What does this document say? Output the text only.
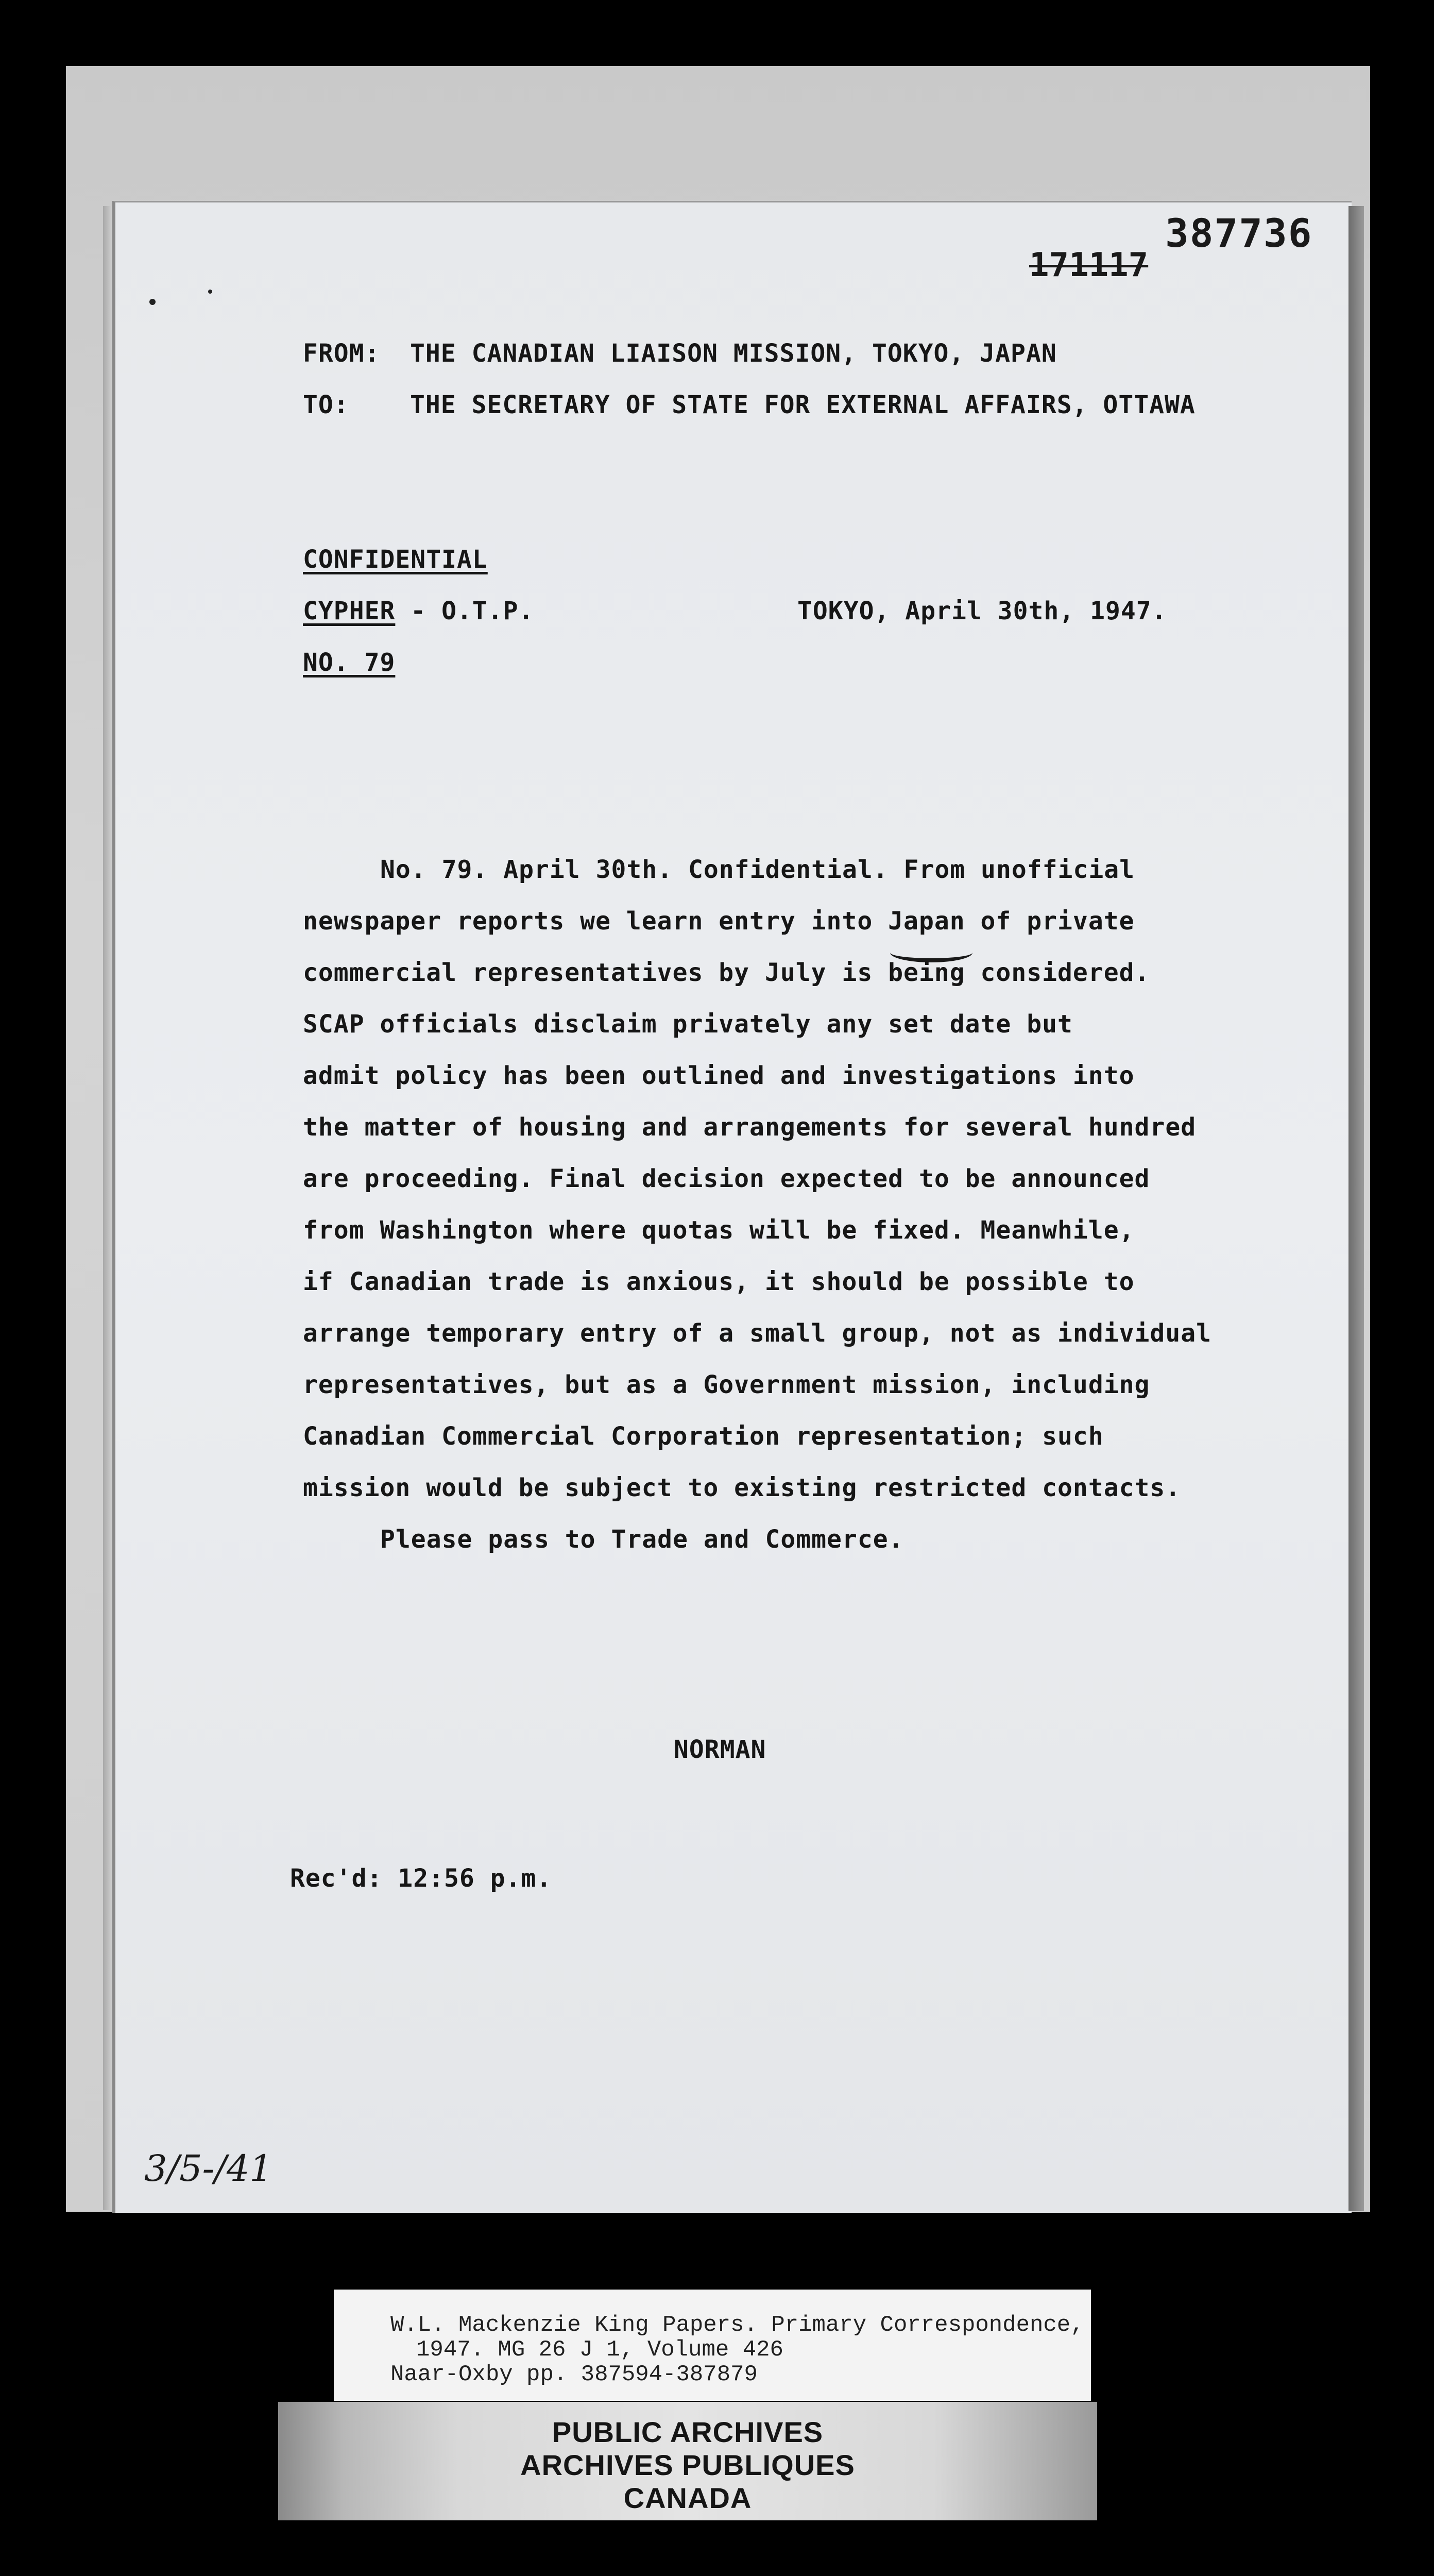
387736
171117
FROM: THE CANADIAN LIAISON MISSION, TOKYO, JAPAN
TO: THE SECRETARY OF STATE FOR EXTERNAL AFFAIRS, OTTAWA
CONFIDENTIAL
CYPHER - O.T.P.	TOKYO, April 30th, 1947.
NO. 79
No. 79. April 30th. Confidential. From unofficial
newspaper reports we learn entry into Japan of private
commercial representatives by July is being considered.
SCAP officials disclaim privately any set date but
admit policy has been outlined and investigations into
the matter of housing and arrangements for several hundred
are proceeding. Final decision expected to be announced
from Washington where quotas will be fixed. Meanwhile,
if Canadian trade is anxious, it should be possible to
arrange temporary entry of a small group, not as individual
representatives, but as a Government mission, including
Canadian Commercial Corporation representation; such
mission would be subject to existing restricted contacts.
Please pass to Trade and Commerce.
NORMAN
Rec'd: 12:56 p.m.
3/5-/41
W.L. Mackenzie King Papers. Primary Correspondence,
1947. MG 26 J 1, Volume 426
Naar-Oxby pp. 387594-387879
PUBLIC ARCHIVES
ARCHIVES PUBLIQUES
CANADA
